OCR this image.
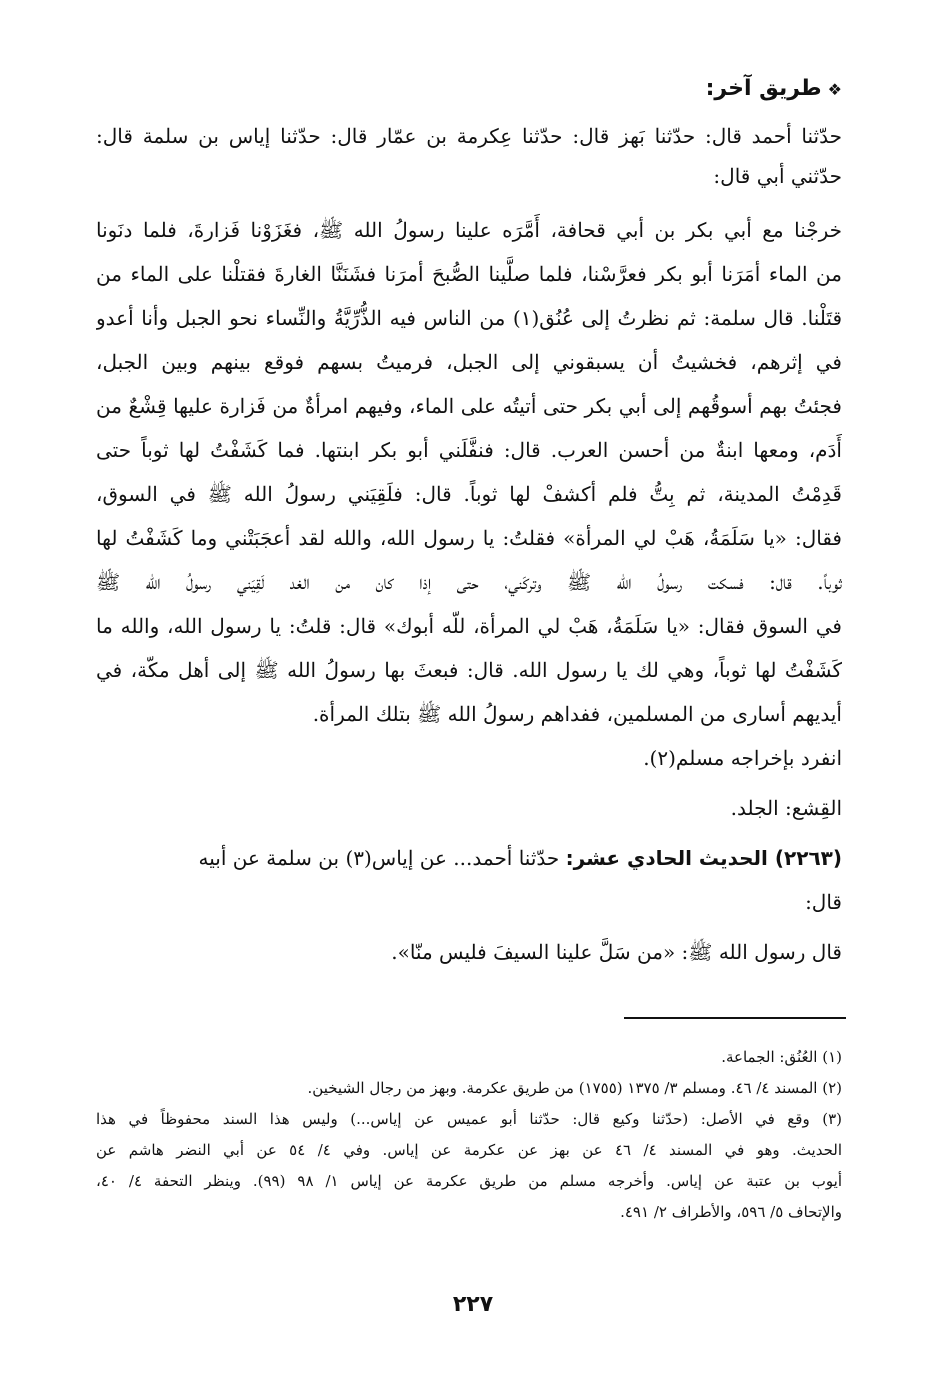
❖طريق آخر:
حدّثنا أحمد قال: حدّثنا بَهز قال: حدّثنا عِكرمة بن عمّار قال: حدّثنا إياس بن سلمة قال: حدّثني أبي قال:
خرجْنا مع أبي بكر بن أبي قحافة، أَمَّرَه علينا رسولُ الله ﷺ، فغَزَوْنا فَزارةَ، فلما دنَونا
من الماء أمَرَنا أبو بكر فعرَّسْنا، فلما صلَّينا الصُّبحَ أمرَنا فشَنَنَّا الغارةَ فقتلْنا على الماء من
قتَلْنا. قال سلمة: ثم نظرتُ إلى عُنُق(١) من الناس فيه الذُّرِّيَّةُ والنِّساء نحو الجبل وأنا أعدو
في إثرهم، فخشيتُ أن يسبقوني إلى الجبل، فرميتُ بسهم فوقع بينهم وبين الجبل،
فجئتُ بهم أسوقُهم إلى أبي بكر حتى أتيتُه على الماء، وفيهم امرأةٌ من فَزارة عليها قِشْعٌ من
أَدَم، ومعها ابنةٌ من أحسن العرب. قال: فنفَّلَني أبو بكر ابنتها. فما كَشَفْتُ لها ثوباً حتى
قَدِمْتُ المدينة، ثم بِتُّ فلم أكشفْ لها ثوباً. قال: فلَقِيَني رسولُ الله ﷺ في السوق،
فقال: «يا سَلَمَةُ، هَبْ لي المرأة» فقلتُ: يا رسول الله، والله لقد أعجَبَتْني وما كَشَفْتُ لها
ثوباً. قال: فسكت رسولُ الله ﷺ وتركَني، حتى إذا كان من الغد لَقِيَني رسولُ الله ﷺ
في السوق فقال: «يا سَلَمَةُ، هَبْ لي المرأة، للّه أبوك» قال: قلتُ: يا رسول الله، والله ما
كَشَفْتُ لها ثوباً، وهي لك يا رسول الله. قال: فبعثَ بها رسولُ الله ﷺ إلى أهل مكّة، في
أيديهم أسارى من المسلمين، ففداهم رسولُ الله ﷺ بتلك المرأة.
انفرد بإخراجه مسلم(٢).
القِشع: الجلد.
(٢٢٦٣) الحديث الحادي عشر: حدّثنا أحمد... عن إياس(٣) بن سلمة عن أبيه
قال:
قال رسول الله ﷺ: «من سَلَّ علينا السيفَ فليس منّا».
(١) العُنُق: الجماعة.
(٢) المسند ٤/ ٤٦. ومسلم ٣/ ١٣٧٥ (١٧٥٥) من طريق عكرمة. وبهز من رجال الشيخين.
(٣) وقع في الأصل: (حدّثنا وكيع قال: حدّثنا أبو عميس عن إياس...) وليس هذا السند محفوظاً في هذا
الحديث. وهو في المسند ٤/ ٤٦ عن بهز عن عكرمة عن إياس. وفي ٤/ ٥٤ عن أبي النضر هاشم عن
أيوب بن عتبة عن إياس. وأخرجه مسلم من طريق عكرمة عن إياس ١/ ٩٨ (٩٩). وينظر التحفة ٤/ ٤٠،
والإتحاف ٥/ ٥٩٦، والأطراف ٢/ ٤٩١.
٢٢٧
